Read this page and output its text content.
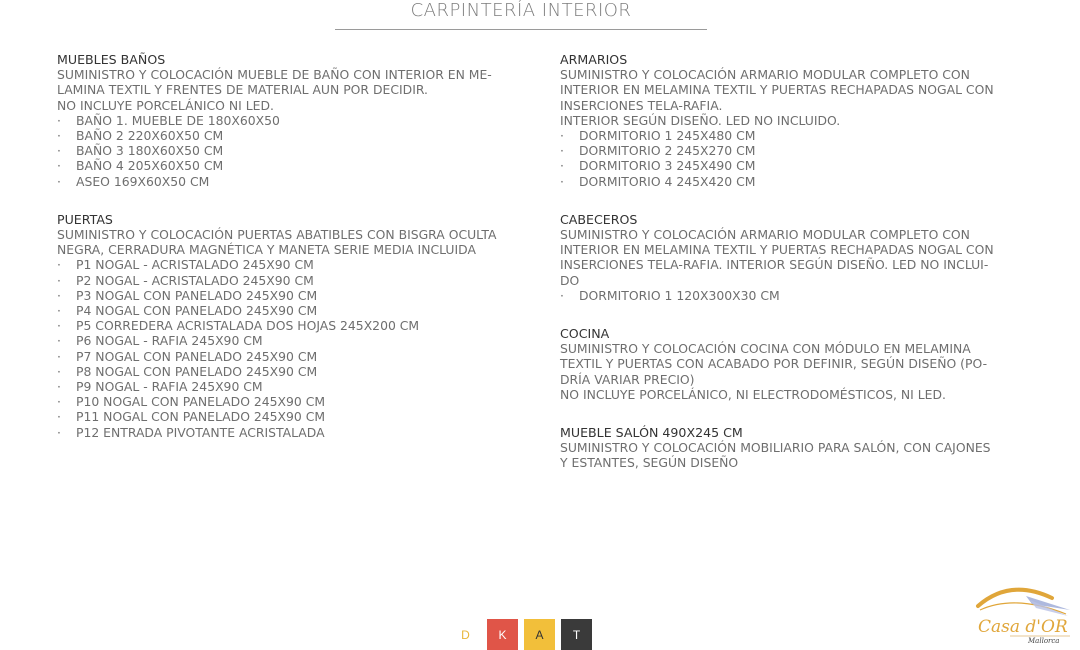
CARPINTERÍA INTERIOR
MUEBLES BAÑOS

SUMINISTRO Y COLOCACIÓN MUEBLE DE BAÑO CON INTERIOR EN ME-

LAMINA TEXTIL Y FRENTES DE MATERIAL AUN POR DECIDIR.

NO INCLUYE PORCELÁNICO NI LED.

· BAÑO 1. MUEBLE DE 180X60X50
· BAÑO 2 220X60X50 CM
· BAÑO 3 180X60X50 CM
· BAÑO 4 205X60X50 CM
· ASEO 169X60X50 CM
PUERTAS

SUMINISTRO Y COLOCACIÓN PUERTAS ABATIBLES CON BISGRA OCULTA

NEGRA, CERRADURA MAGNÉTICA Y MANETA SERIE MEDIA INCLUIDA

· P1 NOGAL - ACRISTALADO 245X90 CM
· P2 NOGAL - ACRISTALADO 245X90 CM
· P3 NOGAL CON PANELADO 245X90 CM
· P4 NOGAL CON PANELADO 245X90 CM
· P5 CORREDERA ACRISTALADA DOS HOJAS 245X200 CM
· P6 NOGAL - RAFIA 245X90 CM
· P7 NOGAL CON PANELADO 245X90 CM
· P8 NOGAL CON PANELADO 245X90 CM
· P9 NOGAL - RAFIA 245X90 CM
· P10 NOGAL CON PANELADO 245X90 CM
· P11 NOGAL CON PANELADO 245X90 CM
· P12 ENTRADA PIVOTANTE ACRISTALADA
ARMARIOS

SUMINISTRO Y COLOCACIÓN ARMARIO MODULAR COMPLETO CON

INTERIOR EN MELAMINA TEXTIL Y PUERTAS RECHAPADAS NOGAL CON

INSERCIONES TELA-RAFIA.

INTERIOR SEGÚN DISEÑO. LED NO INCLUIDO.

· DORMITORIO 1 245X480 CM
· DORMITORIO 2 245X270 CM
· DORMITORIO 3 245X490 CM
· DORMITORIO 4 245X420 CM
CABECEROS

SUMINISTRO Y COLOCACIÓN ARMARIO MODULAR COMPLETO CON

INTERIOR EN MELAMINA TEXTIL Y PUERTAS RECHAPADAS NOGAL CON

INSERCIONES TELA-RAFIA. INTERIOR SEGÚN DISEÑO. LED NO INCLUI-

DO

· DORMITORIO 1 120X300X30 CM
COCINA

SUMINISTRO Y COLOCACIÓN COCINA CON MÓDULO EN MELAMINA

TEXTIL Y PUERTAS CON ACABADO POR DEFINIR, SEGÚN DISEÑO (PO-

DRÍA VARIAR PRECIO)

NO INCLUYE PORCELÁNICO, NI ELECTRODOMÉSTICOS, NI LED.

MUEBLE SALÓN 490X245 CM

SUMINISTRO Y COLOCACIÓN MOBILIARIO PARA SALÓN, CON CAJONES

Y ESTANTES, SEGÚN DISEÑO

D	K	A	T	Casa d'OR
Mallorca
